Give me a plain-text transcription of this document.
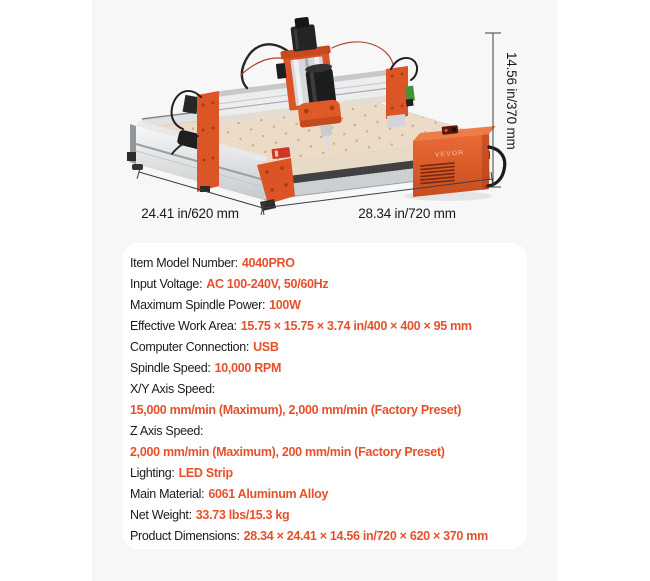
VEVOR
24.41 in/620 mm	28.34 in/720 mm
14.56 in/370 mm
Item Model Number: 4040PRO
Input Voltage: AC 100-240V, 50/60Hz
Maximum Spindle Power: 100W
Effective Work Area: 15.75 × 15.75 × 3.74 in/400 × 400 × 95 mm
Computer Connection: USB
Spindle Speed: 10,000 RPM
X/Y Axis Speed:
15,000 mm/min (Maximum), 2,000 mm/min (Factory Preset)
Z Axis Speed:
2,000 mm/min (Maximum), 200 mm/min (Factory Preset)
Lighting: LED Strip
Main Material: 6061 Aluminum Alloy
Net Weight: 33.73 lbs/15.3 kg
Product Dimensions: 28.34 × 24.41 × 14.56 in/720 × 620 × 370 mm
